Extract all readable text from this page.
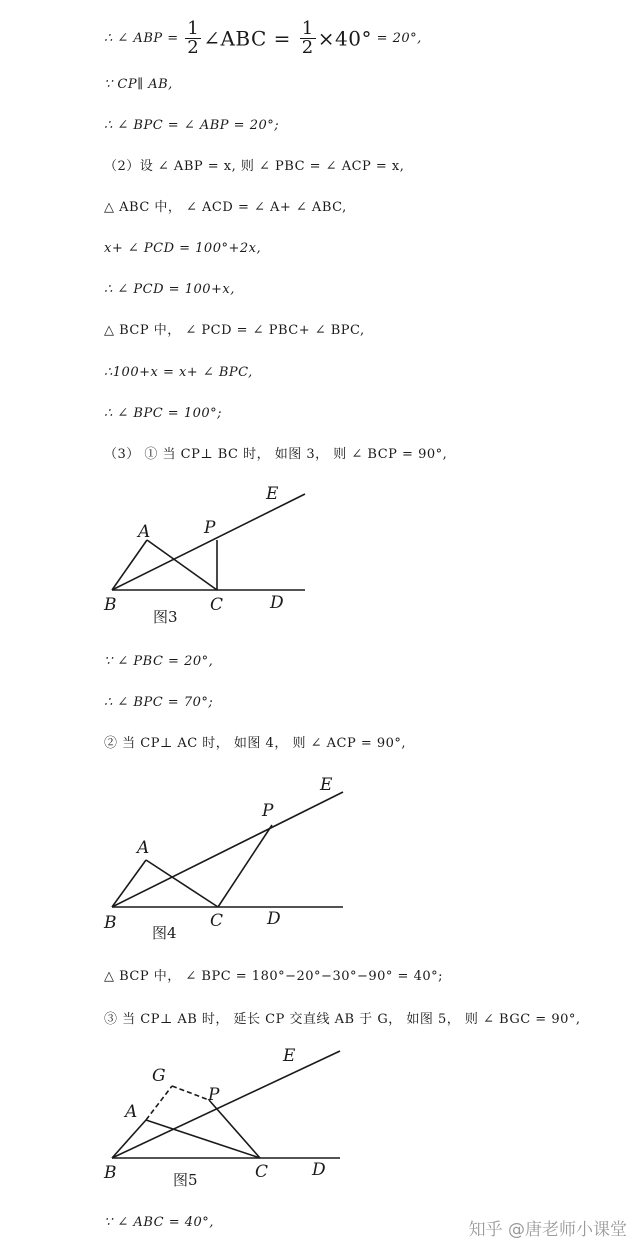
∴ ∠ ABP = $\frac{1}{2}$ ∠ABC = $\frac{1}{2} \times 40^\circ = 20^\circ$,
∵ CP∥ AB,
∴ ∠ BPC = ∠ ABP = 20°;
（2）设 ∠ ABP = x, 则 ∠ PBC = ∠ ACP = x,
△ ABC 中， ∠ ACD = ∠ A+ ∠ ABC,
x+ ∠ PCD = 100°+2x,
∴ ∠ PCD = 100+x,
△ BCP 中， ∠ PCD = ∠ PBC+ ∠ BPC,
∴100+x = x+ ∠ BPC,
∴ ∠ BPC = 100°;
（3） ① 当 CP⊥ BC 时， 如图 3， 则 ∠ BCP = 90°,
E
A	P
B	C	D
图3
∵ ∠ PBC = 20°,
∴ ∠ BPC = 70°;
② 当 CP⊥ AC 时， 如图 4， 则 ∠ ACP = 90°,
E
P
A
B	C	D
图4
△ BCP 中， ∠ BPC = 180°−20°−30°−90° = 40°;
③ 当 CP⊥ AB 时， 延长 CP 交直线 AB 于 G， 如图 5， 则 ∠ BGC = 90°,
E
G
A
P
B	C	D
图5
∵ ∠ ABC = 40°,	知乎 @唐老师小课堂
